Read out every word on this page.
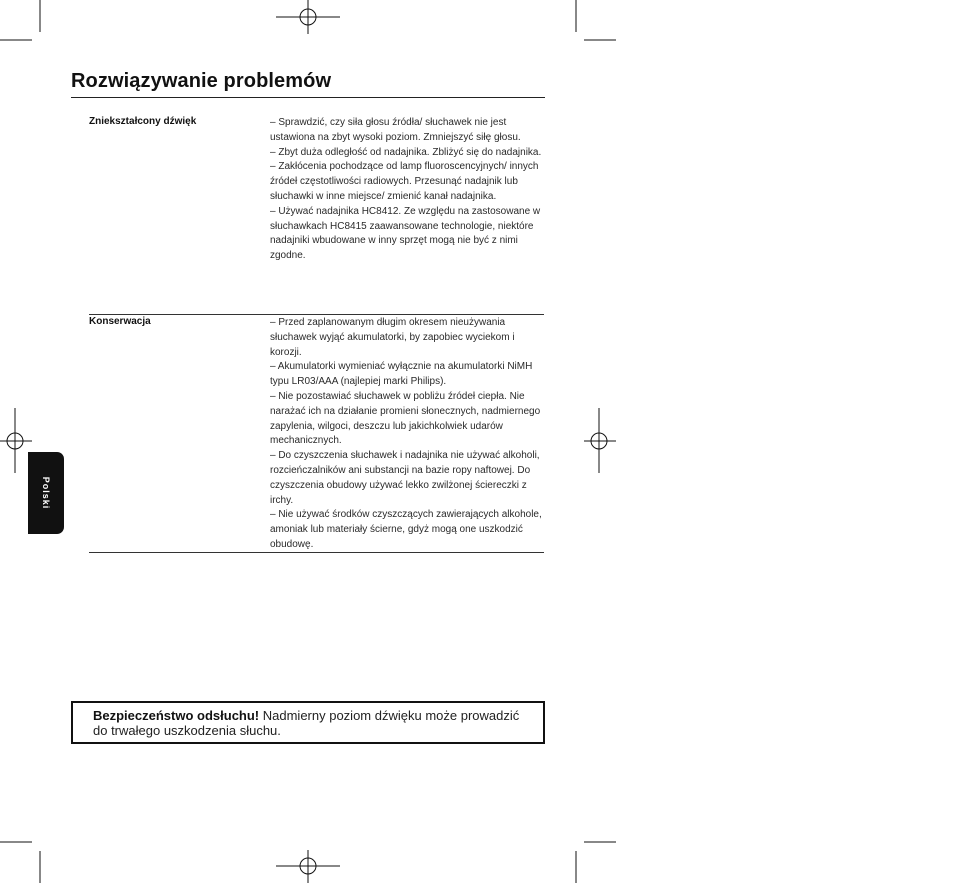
Rozwiązywanie problemów
Zniekształcony dźwięk	– Sprawdzić, czy siła głosu źródła/ słuchawek nie jest ustawiona na zbyt wysoki poziom. Zmniejszyć siłę głosu.

– Zbyt duża odległość od nadajnika. Zbliżyć się do nadajnika.

– Zakłócenia pochodzące od lamp fluoroscencyjnych/ innych źródeł częstotliwości radiowych. Przesunąć nadajnik lub słuchawki w inne miejsce/ zmienić kanał nadajnika.

– Używać nadajnika HC8412. Ze względu na zastosowane w słuchawkach HC8415 zaawansowane technologie, niektóre nadajniki wbudowane w inny sprzęt mogą nie być z nimi zgodne.

Konserwacja	– Przed zaplanowanym długim okresem nieużywania słuchawek wyjąć akumulatorki, by zapobiec wyciekom i korozji.

– Akumulatorki wymieniać wyłącznie na akumulatorki NiMH typu LR03/AAA (najlepiej marki Philips).

– Nie pozostawiać słuchawek w pobliżu źródeł ciepła. Nie narażać ich na działanie promieni słonecznych, nadmiernego zapylenia, wilgoci, deszczu lub jakichkolwiek udarów mechanicznych.

– Do czyszczenia słuchawek i nadajnika nie używać alkoholi, rozcieńczalników ani substancji na bazie ropy naftowej. Do czyszczenia obudowy używać lekko zwilżonej ściereczki z irchy.

– Nie używać środków czyszczących zawierających alkohole, amoniak lub materiały ścierne, gdyż mogą one uszkodzić obudowę.

Polski

Bezpieczeństwo odsłuchu! Nadmierny poziom dźwięku może prowadzić do trwałego uszkodzenia słuchu.
